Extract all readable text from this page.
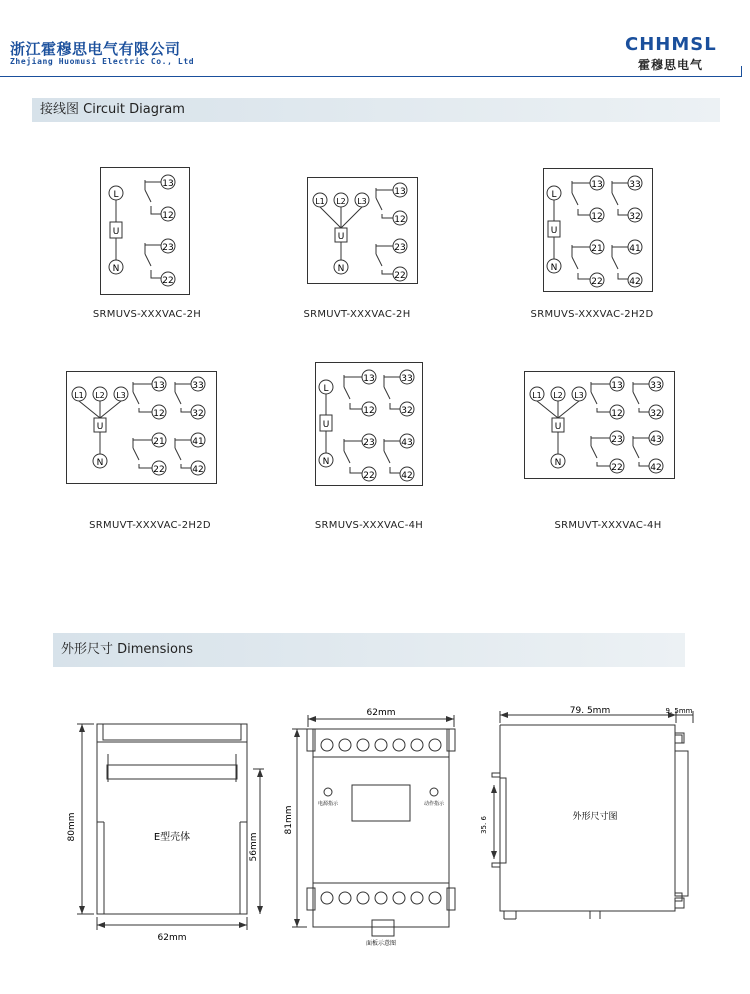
浙江霍穆思电气有限公司
Zhejiang Huomusi Electric Co., Ltd
CHHMSL
霍穆思电气
接线图 Circuit Diagram
L
U
N
13
12
23
22
SRMUVS-XXXVAC-2H
L1 L2 L3
U
N
13
12
23
22
SRMUVT-XXXVAC-2H
L
U
N
13
12
21
22
33
32
41
42
SRMUVS-XXXVAC-2H2D
L1 L2 L3
U
N
13
12
21
22
33
32
41
42
SRMUVT-XXXVAC-2H2D
L
U
N
13
12
23
22
33
32
43
42
SRMUVS-XXXVAC-4H
L1 L2 L3
U
N
13
12
23
22
33
32
43
42
SRMUVT-XXXVAC-4H
外形尺寸 Dimensions
80mm
56mm
62mm
E型壳体
62mm
81mm
电源指示	动作指示
面板示意图
79. 5mm	9. 5mm
35. 6	外形尺寸图
